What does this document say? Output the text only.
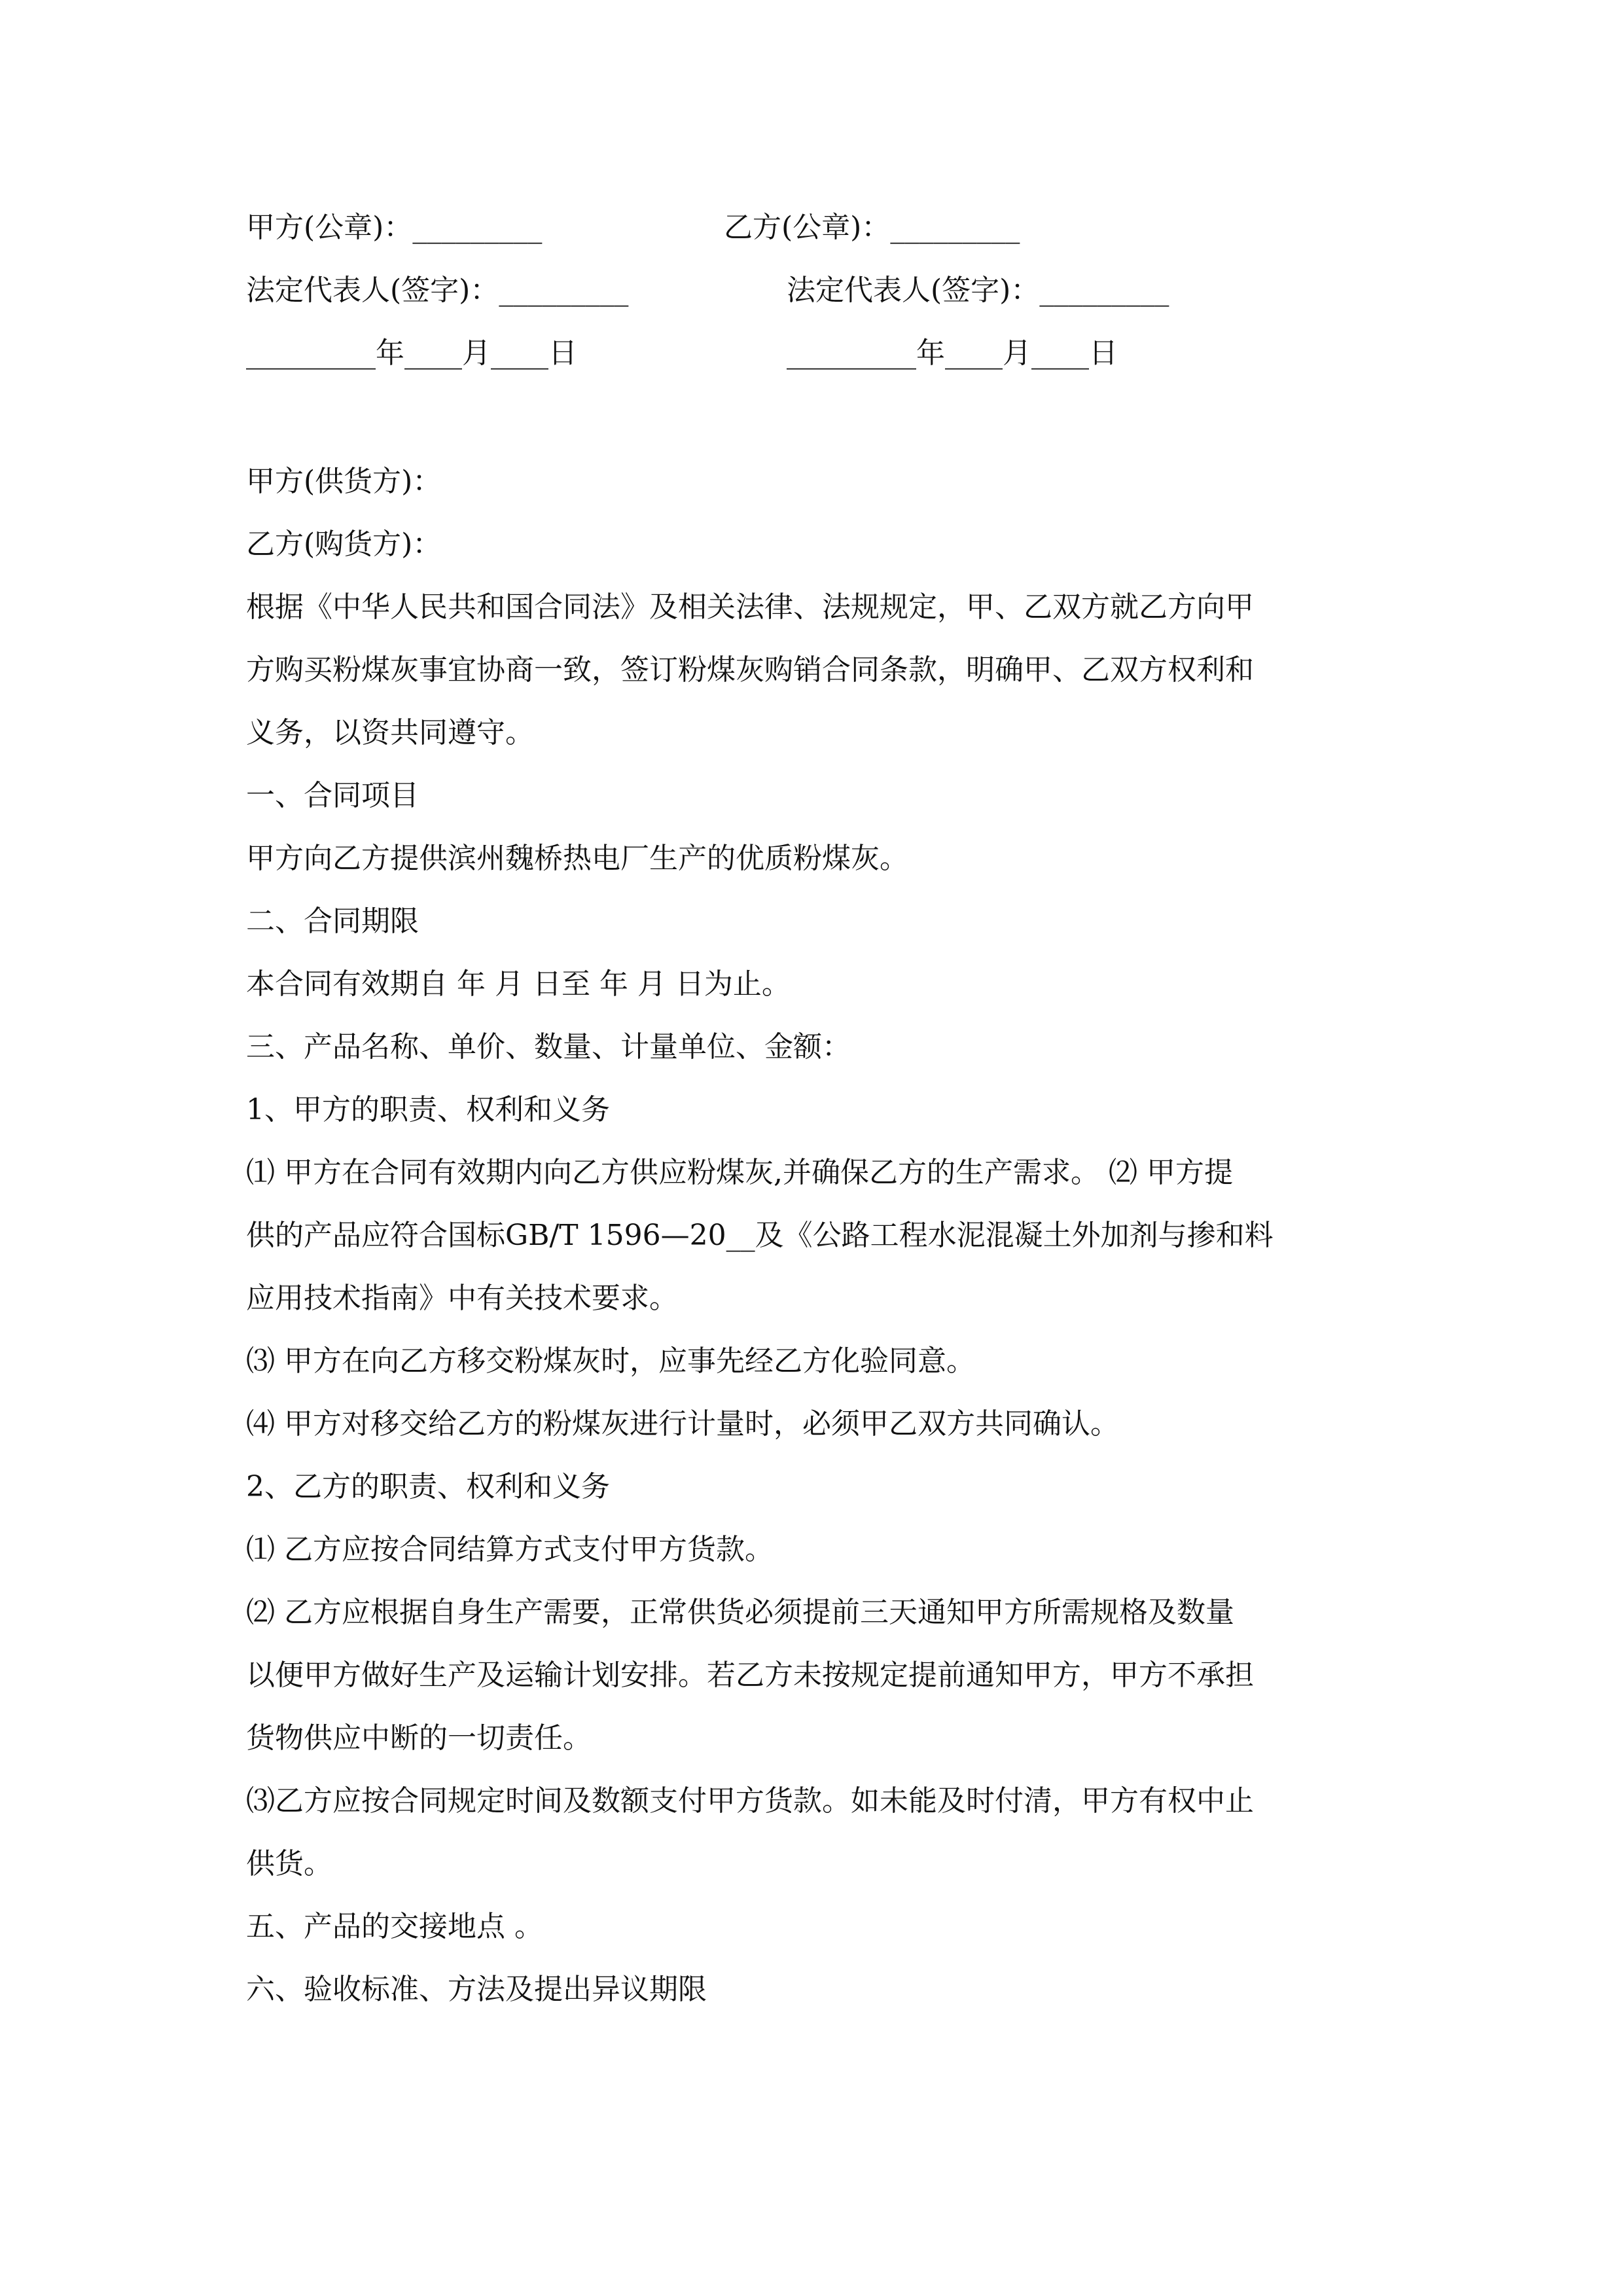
甲方(公章)：_________	乙方(公章)：_________
法定代表人(签字)：_________	法定代表人(签字)：_________
_________年____月____日	_________年____月____日
甲方(供货方)：
乙方(购货方)：
根据《中华人民共和国合同法》及相关法律、法规规定，甲、乙双方就乙方向甲
方购买粉煤灰事宜协商一致，签订粉煤灰购销合同条款，明确甲、乙双方权利和
义务，以资共同遵守。
一、合同项目
甲方向乙方提供滨州魏桥热电厂生产的优质粉煤灰。
二、合同期限
本合同有效期自 年 月 日至 年 月 日为止。
三、产品名称、单价、数量、计量单位、金额：
1、甲方的职责、权利和义务
⑴ 甲方在合同有效期内向乙方供应粉煤灰,并确保乙方的生产需求。 ⑵ 甲方提
供的产品应符合国标GB/T 1596—20__及《公路工程水泥混凝土外加剂与掺和料
应用技术指南》中有关技术要求。
⑶ 甲方在向乙方移交粉煤灰时，应事先经乙方化验同意。
⑷ 甲方对移交给乙方的粉煤灰进行计量时，必须甲乙双方共同确认。
2、乙方的职责、权利和义务
⑴ 乙方应按合同结算方式支付甲方货款。
⑵ 乙方应根据自身生产需要，正常供货必须提前三天通知甲方所需规格及数量
以便甲方做好生产及运输计划安排。若乙方未按规定提前通知甲方，甲方不承担
货物供应中断的一切责任。
⑶乙方应按合同规定时间及数额支付甲方货款。如未能及时付清，甲方有权中止
供货。
五、产品的交接地点 。
六、验收标准、方法及提出异议期限
